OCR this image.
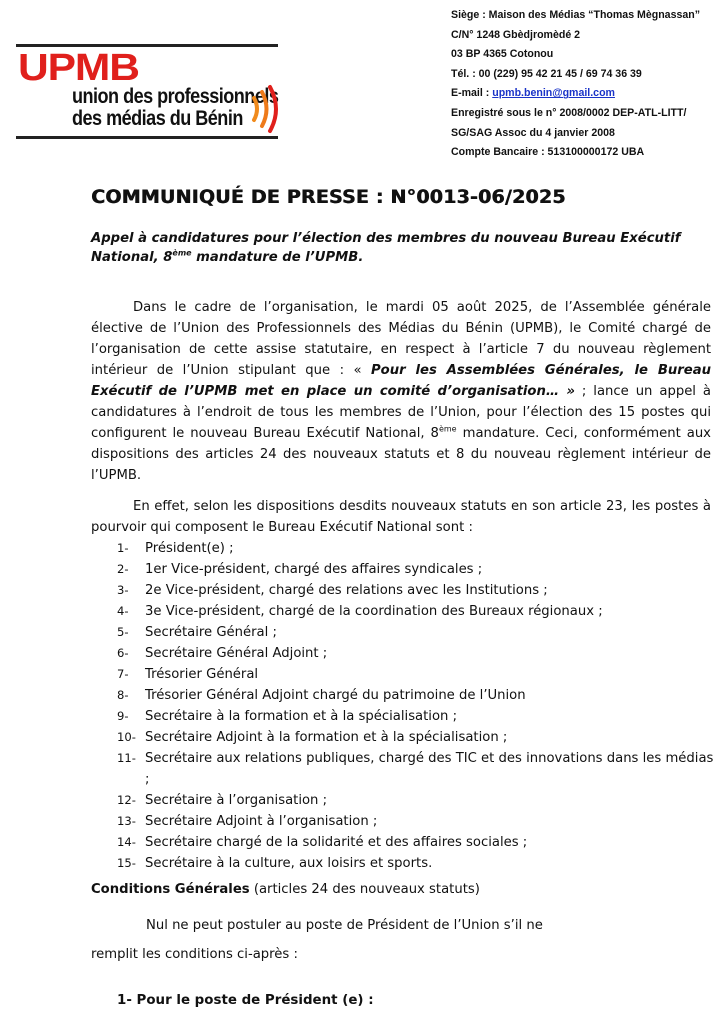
UPMB
union des professionnels
des médias du Bénin
Siège : Maison des Médias “Thomas Mègnassan”
C/N° 1248 Gbèdjromèdé 2
03 BP 4365 Cotonou
Tél. : 00 (229) 95 42 21 45 / 69 74 36 39
E-mail : upmb.benin@gmail.com
Enregistré sous le n° 2008/0002 DEP-ATL-LITT/
SG/SAG Assoc du 4 janvier 2008
Compte Bancaire : 513100000172 UBA
COMMUNIQUÉ DE PRESSE : N°0013-06/2025
Appel à candidatures pour l’élection des membres du nouveau Bureau Exécutif National, 8ème mandature de l’UPMB.
Dans le cadre de l’organisation, le mardi 05 août 2025, de l’Assemblée générale élective de l’Union des Professionnels des Médias du Bénin (UPMB), le Comité chargé de l’organisation de cette assise statutaire, en respect à l’article 7 du nouveau règlement intérieur de l’Union stipulant que : « Pour les Assemblées Générales, le Bureau Exécutif de l’UPMB met en place un comité d’organisation… » ; lance un appel à candidatures à l’endroit de tous les membres de l’Union, pour l’élection des 15 postes qui configurent le nouveau Bureau Exécutif National, 8ème mandature. Ceci, conformément aux dispositions des articles 24 des nouveaux statuts et 8 du nouveau règlement intérieur de l’UPMB.
En effet, selon les dispositions desdits nouveaux statuts en son article 23, les postes à pourvoir qui composent le Bureau Exécutif National sont :
1-	Président(e) ;
2-	1er Vice-président, chargé des affaires syndicales ;
3-	2e Vice-président, chargé des relations avec les Institutions ;
4-	3e Vice-président, chargé de la coordination des Bureaux régionaux ;
5-	Secrétaire Général ;
6-	Secrétaire Général Adjoint ;
7-	Trésorier Général
8-	Trésorier Général Adjoint chargé du patrimoine de l’Union
9-	Secrétaire à la formation et à la spécialisation ;
10- Secrétaire Adjoint à la formation et à la spécialisation ;
11- Secrétaire aux relations publiques, chargé des TIC et des innovations dans les médias ;
12- Secrétaire à l’organisation ;
13- Secrétaire Adjoint à l’organisation ;
14- Secrétaire chargé de la solidarité et des affaires sociales ;
15- Secrétaire à la culture, aux loisirs et sports.
Conditions Générales (articles 24 des nouveaux statuts)
Nul ne peut postuler au poste de Président de l’Union s’il ne
remplit les conditions ci-après :
1- Pour le poste de Président (e) :
